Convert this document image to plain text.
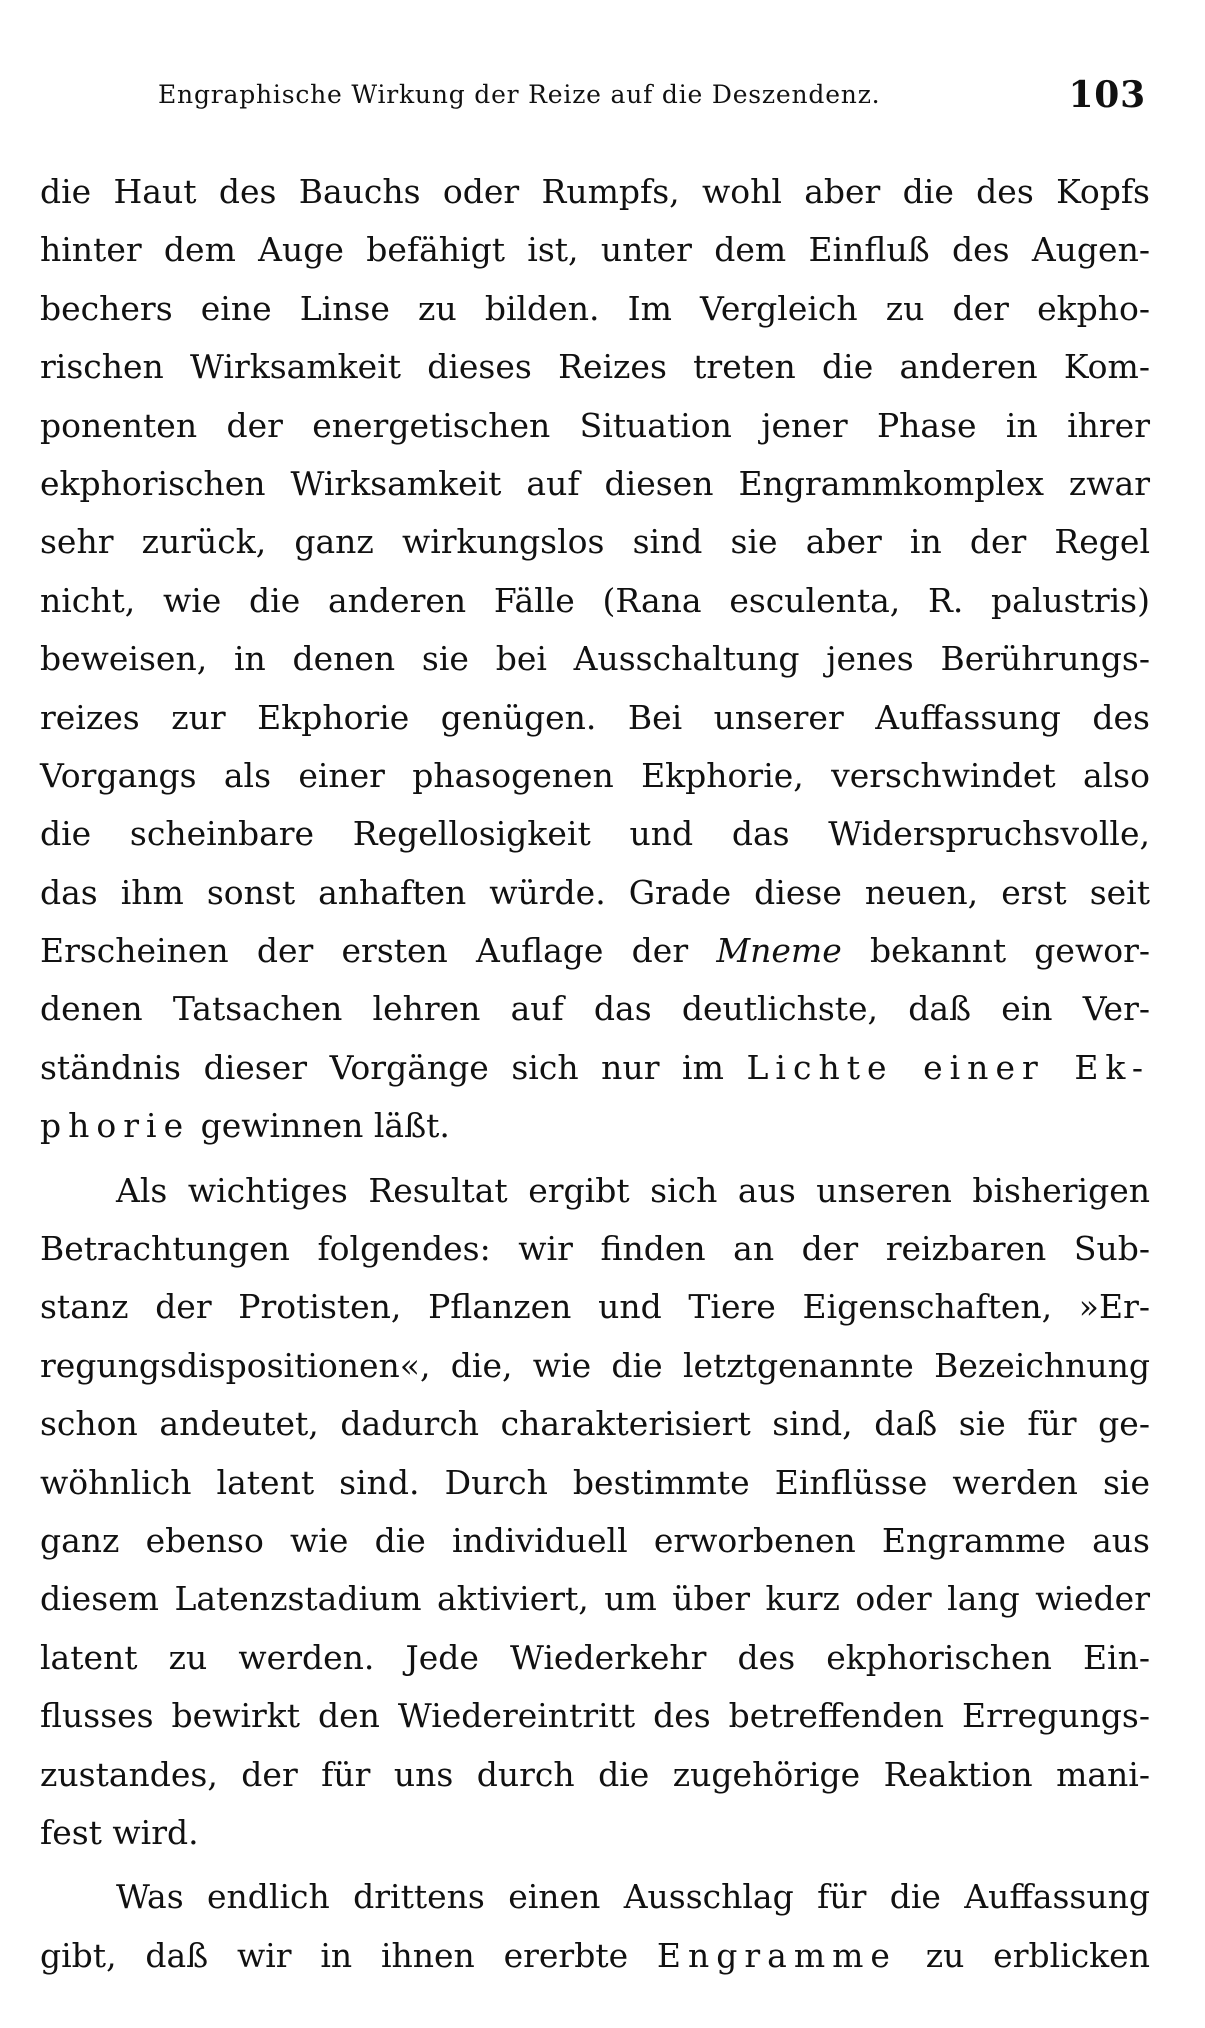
Engraphische Wirkung der Reize auf die Deszendenz.	103
die Haut des Bauchs oder Rumpfs, wohl aber die des Kopfs
hinter dem Auge befähigt ist, unter dem Einfluß des Augen-
bechers eine Linse zu bilden. Im Vergleich zu der ekpho-
rischen Wirksamkeit dieses Reizes treten die anderen Kom-
ponenten der energetischen Situation jener Phase in ihrer
ekphorischen Wirksamkeit auf diesen Engrammkomplex zwar
sehr zurück, ganz wirkungslos sind sie aber in der Regel
nicht, wie die anderen Fälle (Rana esculenta, R. palustris)
beweisen, in denen sie bei Ausschaltung jenes Berührungs-
reizes zur Ekphorie genügen. Bei unserer Auffassung des
Vorgangs als einer phasogenen Ekphorie, verschwindet also
die scheinbare Regellosigkeit und das Widerspruchsvolle,
das ihm sonst anhaften würde. Grade diese neuen, erst seit
Erscheinen der ersten Auflage der Mneme bekannt gewor-
denen Tatsachen lehren auf das deutlichste, daß ein Ver-
ständnis dieser Vorgänge sich nur im Lichte einer Ek-
phorie gewinnen läßt.
Als wichtiges Resultat ergibt sich aus unseren bisherigen
Betrachtungen folgendes: wir finden an der reizbaren Sub-
stanz der Protisten, Pflanzen und Tiere Eigenschaften, »Er-
regungsdispositionen«, die, wie die letztgenannte Bezeichnung
schon andeutet, dadurch charakterisiert sind, daß sie für ge-
wöhnlich latent sind. Durch bestimmte Einflüsse werden sie
ganz ebenso wie die individuell erworbenen Engramme aus
diesem Latenzstadium aktiviert, um über kurz oder lang wieder
latent zu werden. Jede Wiederkehr des ekphorischen Ein-
flusses bewirkt den Wiedereintritt des betreffenden Erregungs-
zustandes, der für uns durch die zugehörige Reaktion mani-
fest wird.
Was endlich drittens einen Ausschlag für die Auffassung
gibt, daß wir in ihnen ererbte Engramme zu erblicken
